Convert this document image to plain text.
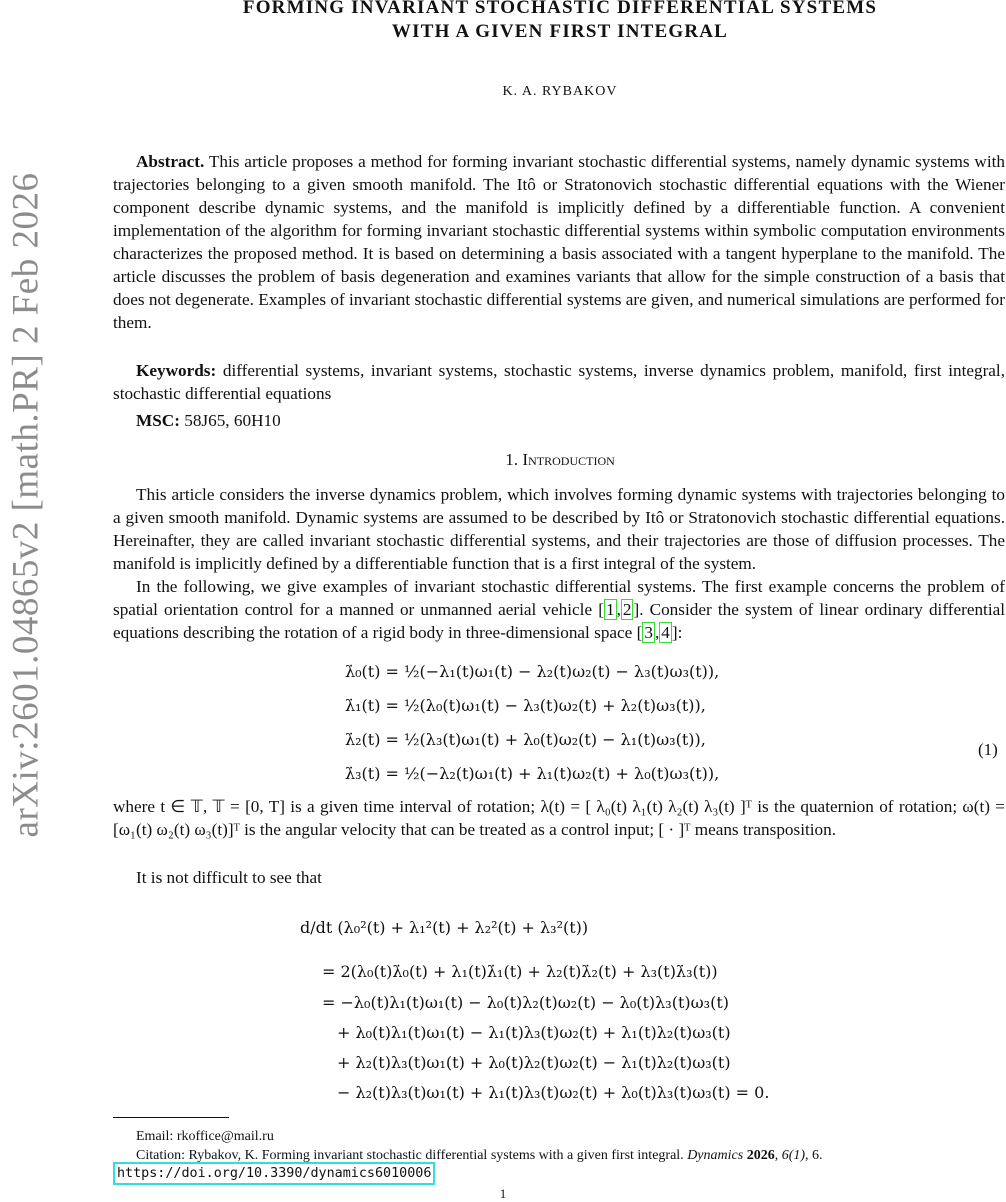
arXiv:2601.04865v2 [math.PR] 2 Feb 2026
FORMING INVARIANT STOCHASTIC DIFFERENTIAL SYSTEMS
WITH A GIVEN FIRST INTEGRAL
K. A. RYBAKOV
Abstract. This article proposes a method for forming invariant stochastic differential systems, namely dynamic systems with trajectories belonging to a given smooth manifold. The Itô or Stratonovich stochastic differential equations with the Wiener component describe dynamic systems, and the manifold is implicitly defined by a differentiable function. A convenient implementation of the algorithm for forming invariant stochastic differential systems within symbolic computation environments characterizes the proposed method. It is based on determining a basis associated with a tangent hyperplane to the manifold. The article discusses the problem of basis degeneration and examines variants that allow for the simple construction of a basis that does not degenerate. Examples of invariant stochastic differential systems are given, and numerical simulations are performed for them.
Keywords: differential systems, invariant systems, stochastic systems, inverse dynamics problem, manifold, first integral, stochastic differential equations
MSC: 58J65, 60H10
1. Introduction
This article considers the inverse dynamics problem, which involves forming dynamic systems with trajectories belonging to a given smooth manifold. Dynamic systems are assumed to be described by Itô or Stratonovich stochastic differential equations. Hereinafter, they are called invariant stochastic differential systems, and their trajectories are those of diffusion processes. The manifold is implicitly defined by a differentiable function that is a first integral of the system.
In the following, we give examples of invariant stochastic differential systems. The first example concerns the problem of spatial orientation control for a manned or unmanned aerial vehicle [ 1 , 2 ]. Consider the system of linear ordinary differential equations describing the rotation of a rigid body in three-dimensional space [ 3 , 4 ]:
λ̇₀(t) = ½(−λ₁(t)ω₁(t) − λ₂(t)ω₂(t) − λ₃(t)ω₃(t)),
λ̇₁(t) = ½(λ₀(t)ω₁(t) − λ₃(t)ω₂(t) + λ₂(t)ω₃(t)),
λ̇₂(t) = ½(λ₃(t)ω₁(t) + λ₀(t)ω₂(t) − λ₁(t)ω₃(t)),
λ̇₃(t) = ½(−λ₂(t)ω₁(t) + λ₁(t)ω₂(t) + λ₀(t)ω₃(t)),
(1)
where t ∈ 𝕋, 𝕋 = [0, T] is a given time interval of rotation; λ(t) = [ λ₀(t) λ₁(t) λ₂(t) λ₃(t) ]ᵀ is the quaternion of rotation; ω(t) = [ω₁(t) ω₂(t) ω₃(t)]ᵀ is the angular velocity that can be treated as a control input; [ · ]ᵀ means transposition.
It is not difficult to see that
d/dt (λ₀²(t) + λ₁²(t) + λ₂²(t) + λ₃²(t))
= 2(λ₀(t)λ̇₀(t) + λ₁(t)λ̇₁(t) + λ₂(t)λ̇₂(t) + λ₃(t)λ̇₃(t))
= −λ₀(t)λ₁(t)ω₁(t) − λ₀(t)λ₂(t)ω₂(t) − λ₀(t)λ₃(t)ω₃(t)
+ λ₀(t)λ₁(t)ω₁(t) − λ₁(t)λ₃(t)ω₂(t) + λ₁(t)λ₂(t)ω₃(t)
+ λ₂(t)λ₃(t)ω₁(t) + λ₀(t)λ₂(t)ω₂(t) − λ₁(t)λ₂(t)ω₃(t)
− λ₂(t)λ₃(t)ω₁(t) + λ₁(t)λ₃(t)ω₂(t) + λ₀(t)λ₃(t)ω₃(t) = 0.
Email: rkoffice@mail.ru
Citation: Rybakov, K. Forming invariant stochastic differential systems with a given first integral. Dynamics 2026, 6(1), 6.
https://doi.org/10.3390/dynamics6010006
1
